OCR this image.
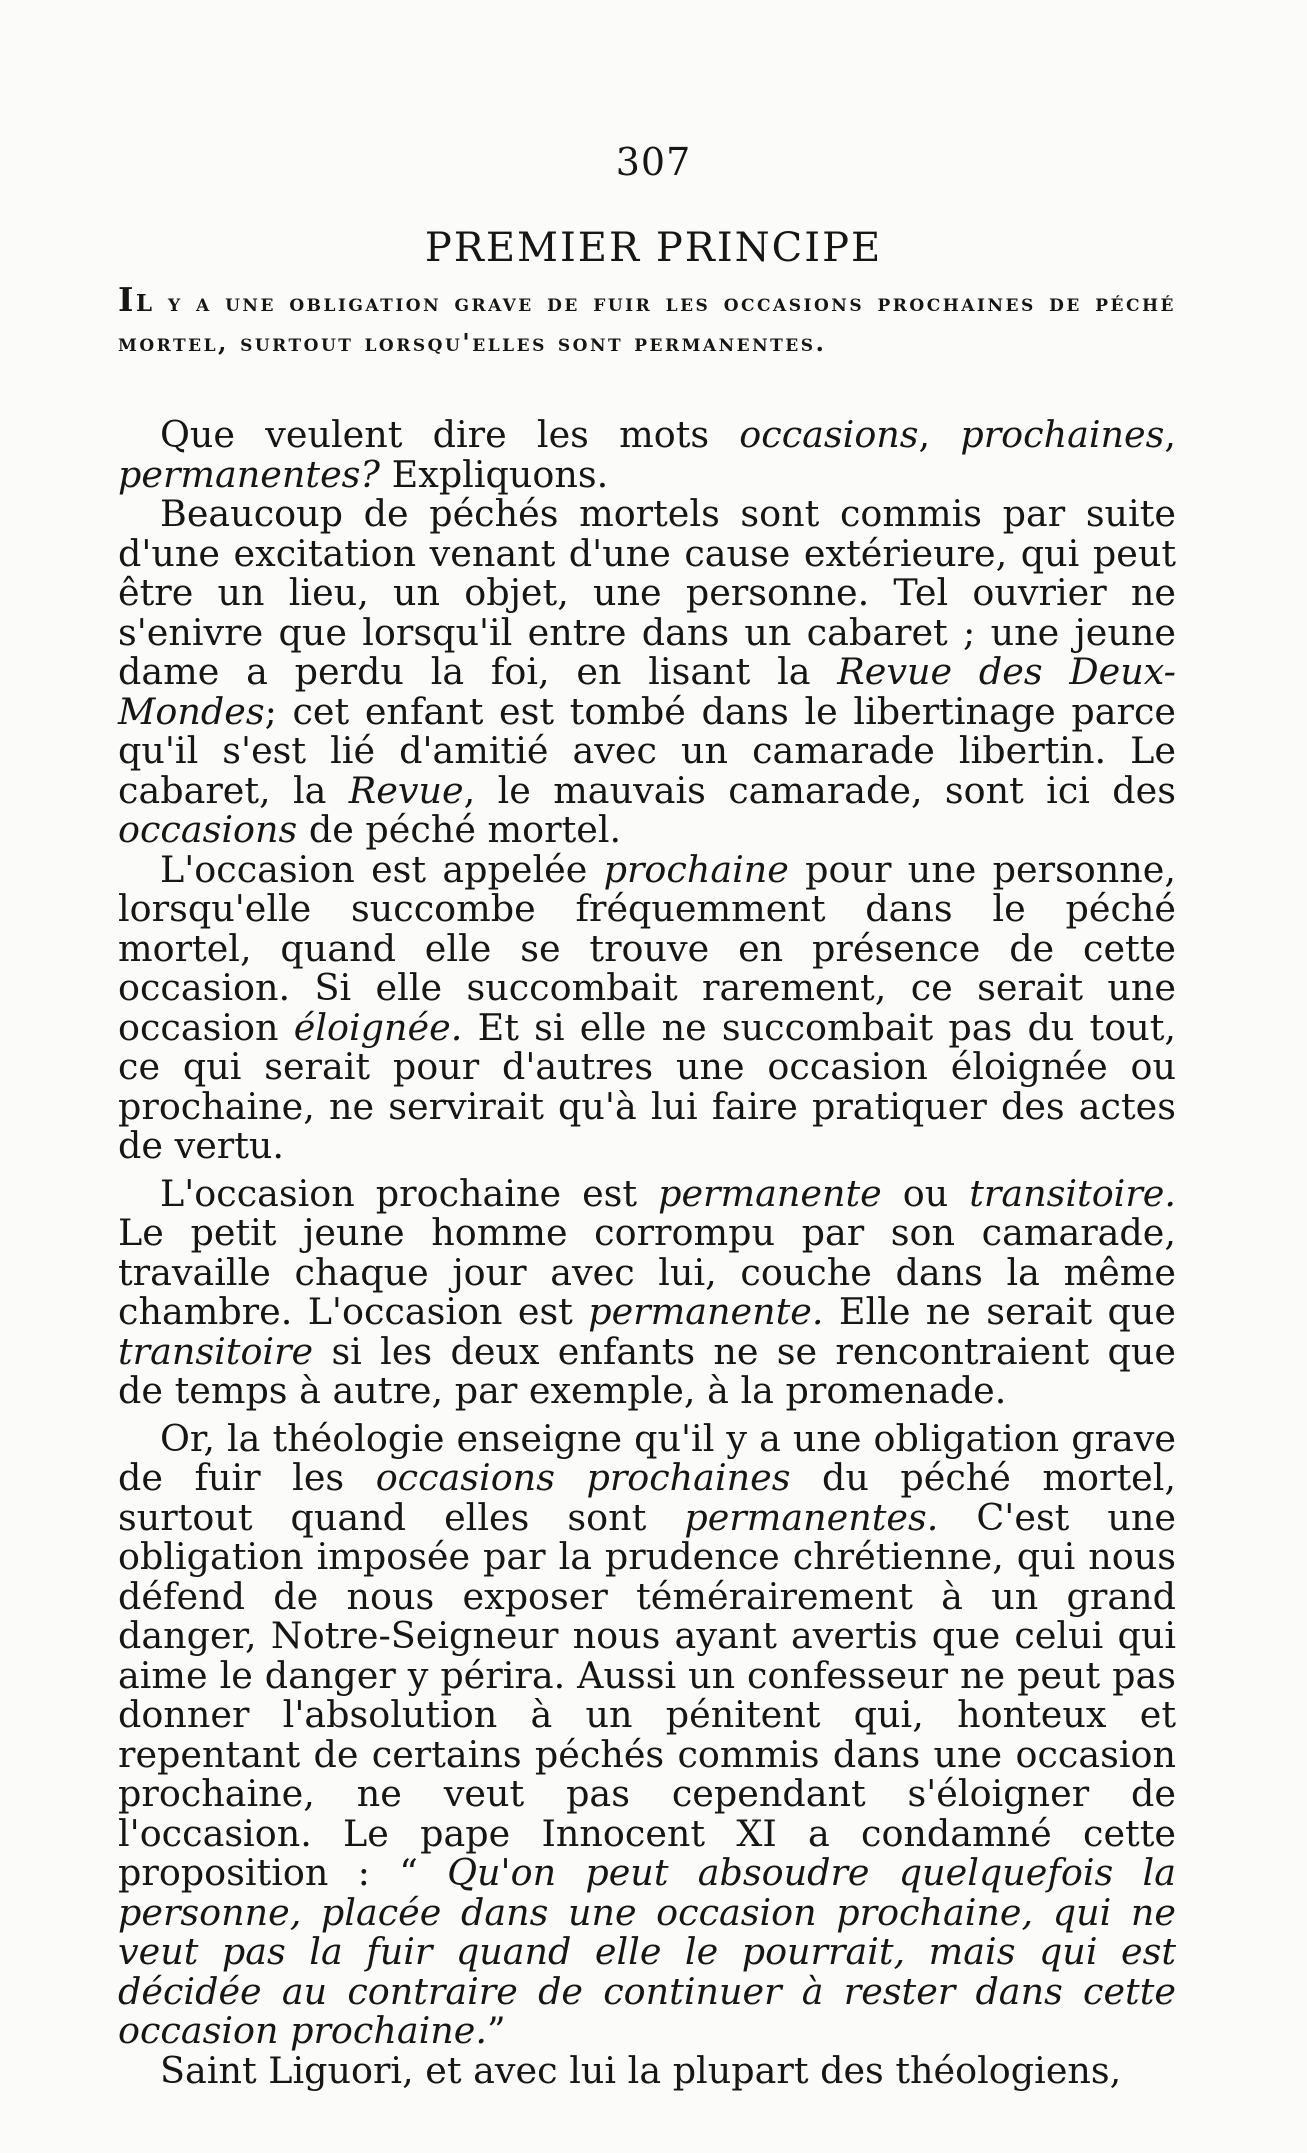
307
PREMIER PRINCIPE

Il y a une obligation grave de fuir les occasions prochaines de péché mortel, surtout lorsqu'elles sont permanentes.

Que veulent dire les mots occasions, prochaines, permanentes? Expliquons.

Beaucoup de péchés mortels sont commis par suite d'une excitation venant d'une cause extérieure, qui peut être un lieu, un objet, une personne. Tel ouvrier ne s'enivre que lorsqu'il entre dans un cabaret ; une jeune dame a perdu la foi, en lisant la Revue des Deux-Mondes; cet enfant est tombé dans le libertinage parce qu'il s'est lié d'amitié avec un camarade libertin. Le cabaret, la Revue, le mauvais camarade, sont ici des occasions de péché mortel.

L'occasion est appelée prochaine pour une personne, lorsqu'elle succombe fréquemment dans le péché mortel, quand elle se trouve en présence de cette occasion. Si elle succombait rarement, ce serait une occasion éloignée. Et si elle ne succombait pas du tout, ce qui serait pour d'autres une occasion éloignée ou prochaine, ne servirait qu'à lui faire pratiquer des actes de vertu.

L'occasion prochaine est permanente ou transitoire. Le petit jeune homme corrompu par son camarade, travaille chaque jour avec lui, couche dans la même chambre. L'occasion est permanente. Elle ne serait que transitoire si les deux enfants ne se rencontraient que de temps à autre, par exemple, à la promenade.

Or, la théologie enseigne qu'il y a une obligation grave de fuir les occasions prochaines du péché mortel, surtout quand elles sont permanentes. C'est une obligation imposée par la prudence chrétienne, qui nous défend de nous exposer témérairement à un grand danger, Notre-Seigneur nous ayant avertis que celui qui aime le danger y périra. Aussi un confesseur ne peut pas donner l'absolution à un pénitent qui, honteux et repentant de certains péchés commis dans une occasion prochaine, ne veut pas cependant s'éloigner de l'occasion. Le pape Innocent XI a condamné cette proposition : “ Qu'on peut absoudre quelquefois la personne, placée dans une occasion prochaine, qui ne veut pas la fuir quand elle le pourrait, mais qui est décidée au contraire de continuer à rester dans cette occasion prochaine.”

Saint Liguori, et avec lui la plupart des théologiens,
